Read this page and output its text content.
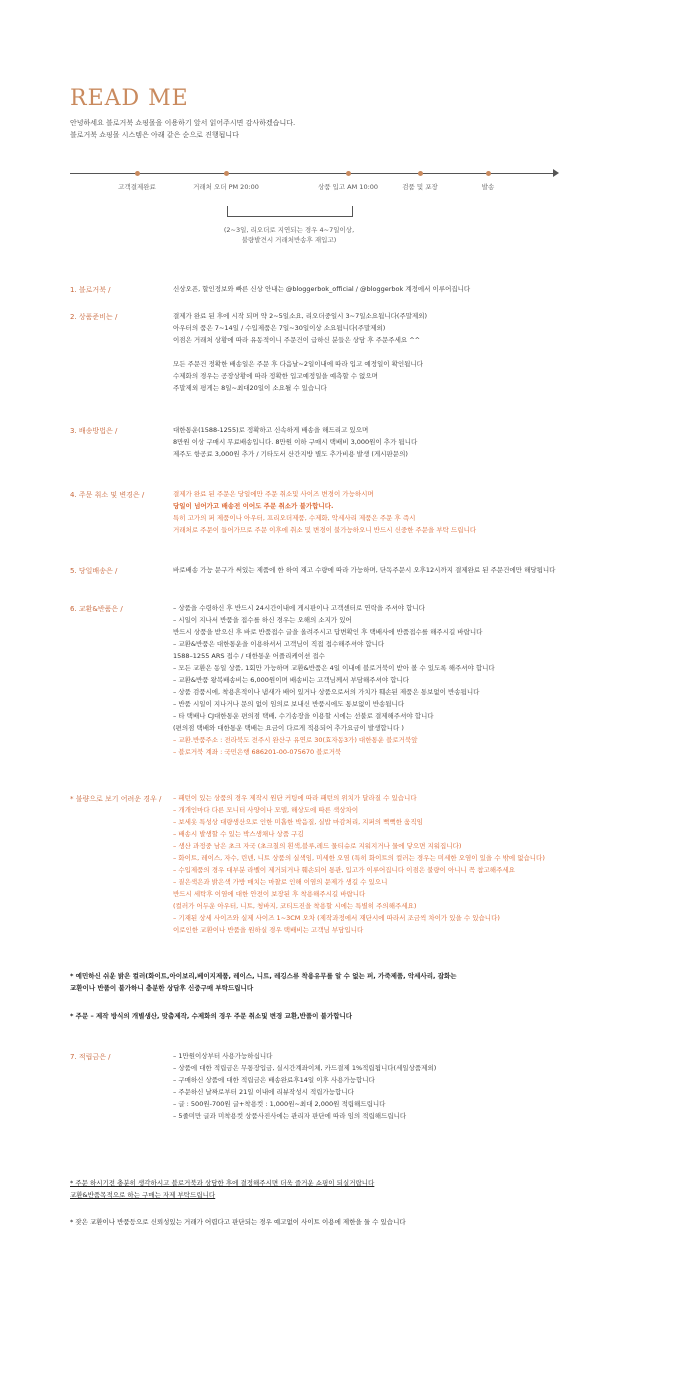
READ ME
안녕하세요 블로거북 쇼핑몰을 이용하기 앞서 읽어주시면 감사하겠습니다.
블로거북 쇼핑몰 시스템은 아래 같은 순으로 진행됩니다
고객결제완료	거래처 오더 PM 20:00	상품 입고 AM 10:00	검품 및 포장	발송
(2~3일, 리오더로 지연되는 경우 4~7일이상,
불량발견시 거래처반송후 재입고)
1. 블로거북 /	신상오픈, 할인정보와 빠른 신상 안내는 @bloggerbok_official / @bloggerbok 계정에서 이루어집니다
2. 상품준비는 /	결제가 완료 된 후에 시작 되며 약 2~5일소요, 리오더중일시 3~7일소요됩니다(주말제외)
아우터의 품은 7~14일 / 수입제품은 7일~30일이상 소요됩니다(주말제외)
이점은 거래처 상황에 따라 유동적이니 주문건이 급하신 분들은 상담 후 주문주세요 ^^
모든 주문건 정확한 배송일은 주문 후 다음날~2일이내에 따라 입고 예정일이 확인됩니다
수제화의 경우는 공장상황에 따라 정확한 입고예정일을 예측할 수 없으며
주말제외 평게는 8일~최대20일이 소요될 수 있습니다
3. 배송방법은 /	대한통운(1588-1255)로 정확하고 신속하게 배송을 해드리고 있으며
8만원 이상 구매시 무료배송입니다. 8만원 이하 구매시 택배비 3,000원이 추가 됩니다
제주도 항공료 3,000원 추가 / 기타도서 산간지방 별도 추가비용 발생 (게시판문의)
4. 주문 취소 및 변경은 /	결제가 완료 된 주문은 당일에만 주문 취소및 사이즈 변경이 가능하시며
당일이 넘어가고 배송전 이어도 주문 취소가 불가합니다.
특히 고가의 퍼 제품이나 아우터, 프리오더제품, 수제화, 악세사리 제품은 주문 후 즉시
거래처로 주문이 들어가므로 주문 이후에 취소 및 변경이 불가능하오니 반드시 신중한 주문을 부탁 드립니다
5. 당일배송은 /	바로배송 가능 문구가 써있는 제품에 한 하여 재고 수량에 따라 가능하며, 단독주문시 오후12시까지 결제완료 된 주문건에만 해당됩니다
6. 교환&반품은 /	– 상품을 수령하신 후 반드시 24시간이내에 게시판이나 고객센터로 연락을 주셔야 합니다
– 시일이 지나서 반품을 접수를 하신 경우는 오해의 소지가 있어
반드시 상품을 받으신 후 바로 반품접수 글을 올려주시고 답변확인 후 택배사에 반품접수를 해주시길 바랍니다
– 교환&반품은 대한통운을 이용하셔서 고객님이 직접 접수해주셔야 합니다
1588–1255 ARS 접수 / 대한통운 어플리케이션 접수
– 모든 교환은 동일 상품, 1회만 가능하며 교환&반품은 4일 이내에 블로거북이 받아 볼 수 있도록 해주셔야 합니다
– 교환&반품 왕복배송비는 6,000원이며 배송비는 고객님께서 부담해주셔야 합니다
– 상품 검품시에, 착용흔적이나 냄새가 배어 있거나 상품으로서의 가치가 훼손된 제품은 통보없이 반송됩니다
– 반품 시일이 지나거나 문의 없이 임의로 보내신 반품시에도 통보없이 반송됩니다
– 타 택배나 CJ대한통운 편의점 택배, 수기송장을 이용할 시에는 선불로 결제해주셔야 합니다
(편의점 택배와 대한통운 택배는 요금이 다르게 적용되어 추가요금이 발생합니다 )
– 교환.반품주소 : 전라북도 전주시 완산구 유연로 30(효자동3가) 대한통운 블로거북앞
– 블로거북 계좌 : 국민은행 686201-00-075670 블로거북
* 불량으로 보기 어려운 경우 / – 패턴이 있는 상품의 경우 제작시 원단 커팅에 따라 패턴의 위치가 달라질 수 있습니다
– 개개인마다 다른 모니터 사양이나 모델, 해상도에 따른 색상차이
– 보세옷 특성상 대량생산으로 인한 미흡한 박음질, 실밥 마감처리, 지퍼의 뻑뻑한 움직임
– 배송시 발생할 수 있는 박스생채나 상품 구김
– 생산 과정중 남은 초크 자국 (초크칠의 흰색,블루,레드 물티슈로 지워지거나 물에 닿으면 지워집니다)
– 화이트, 레이스, 자수, 린넨, 니트 상품의 실색임, 미세한 오염 (특히 화이트의 컬러는 경우는 미세한 오염이 있을 수 밖에 없습니다)
– 수입제품의 경우 대부분 라벨이 제거되거나 훼손되어 통관, 입고가 이루어집니다 이점은 불량이 아니니 꼭 참고해주세요
– 짙은색은과 밝은색 가방 매치는 마찰로 인해 이염의 문제가 생길 수 있으니
반드시 세탁후 이염에 대한 안전이 보장된 후 착용해주시길 바랍니다
(컬러가 어두운 아우터, 니트, 청바지, 코티드진을 착용할 시에는 특별히 주의해주세요)
– 기재된 상세 사이즈와 실제 사이즈 1~3CM 오차 (제작과정에서 재단시에 따라서 조금씩 차이가 있을 수 있습니다)
이로인한 교환이나 반품을 원하실 경우 택배비는 고객님 부담입니다
* 예민하신 쉬운 밝은 컬러(화이트,아이보리,베이지제품, 레이스, 니트, 레깅스류 착용유무를 알 수 없는 퍼, 가죽제품, 악세사리, 잡화는
교환이나 반품이 불가하니 충분한 상담후 신중구매 부탁드립니다
* 주문 – 제작 방식의 개별생산, 맞춤제작, 수제화의 경우 주문 취소및 변경 교환,반품이 불가합니다
7. 적립금은 /	– 1만원이상부터 사용가능하십니다
– 상품에 대한 적립금은 무통장입금, 실시간계좌이체, 카드결제 1%적립됩니다(세일상품제외)
– 구매하신 상품에 대한 적립금은 배송완료후14일 이후 사용가능합니다
– 주문하신 날짜로부터 21일 이내에 리뷰작성시 적립가능합니다
– 글 : 500원-700원 글+착용컷 : 1,000원~최대 2,000원 적립해드립니다
– 5줄미만 글과 미착용컷 상품사진사에는 관리자 판단에 따라 임의 적립해드립니다
* 주문 하시기전 충분히 생각하시고 블로거북과 상담한 후에 결정해주시면 더욱 즐거운 쇼핑이 되실거랍니다
교환&반품목적으로 하는 구매는 자제 부탁드립니다
* 잦은 교환이나 반품등으로 신뢰성있는 거래가 어렵다고 판단되는 경우 예고없이 사이트 이용에 제한을 둘 수 있습니다
